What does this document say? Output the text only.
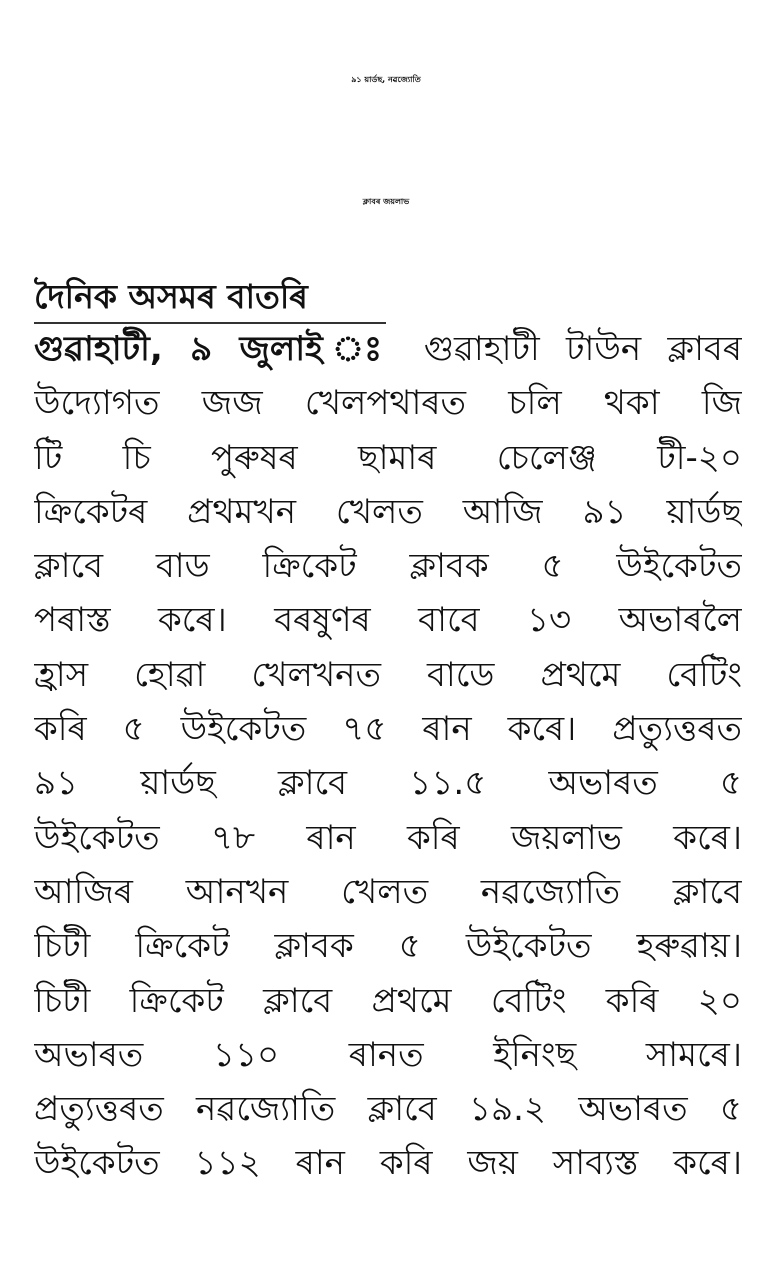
৯১ য়াৰ্ডছ, নৱজ্যোতি
ক্লাবৰ জয়লাভ
দৈনিক অসমৰ বাতৰি
গুৱাহাটী, ৯ জুলাই ঃ গুৱাহাটী টাউন ক্লাবৰ
উদ্যোগত জজ খেলপথাৰত চলি থকা জি
টি চি পুৰুষৰ ছামাৰ চেলেঞ্জ টী-২০
ক্ৰিকেটৰ প্ৰথমখন খেলত আজি ৯১ য়াৰ্ডছ
ক্লাবে বাড ক্ৰিকেট ক্লাবক ৫ উইকেটত
পৰাস্ত কৰে। বৰষুণৰ বাবে ১৩ অভাৰলৈ
হ্ৰাস হোৱা খেলখনত বাডে প্ৰথমে বেটিং
কৰি ৫ উইকেটত ৭৫ ৰান কৰে। প্ৰত্যুত্তৰত
৯১ য়াৰ্ডছ ক্লাবে ১১.৫ অভাৰত ৫
উইকেটত ৭৮ ৰান কৰি জয়লাভ কৰে।
আজিৰ আনখন খেলত নৱজ্যোতি ক্লাবে
চিটী ক্ৰিকেট ক্লাবক ৫ উইকেটত হৰুৱায়।
চিটী ক্ৰিকেট ক্লাবে প্ৰথমে বেটিং কৰি ২০
অভাৰত ১১০ ৰানত ইনিংছ সামৰে।
প্ৰত্যুত্তৰত নৱজ্যোতি ক্লাবে ১৯.২ অভাৰত ৫
উইকেটত ১১২ ৰান কৰি জয় সাব্যস্ত কৰে।
